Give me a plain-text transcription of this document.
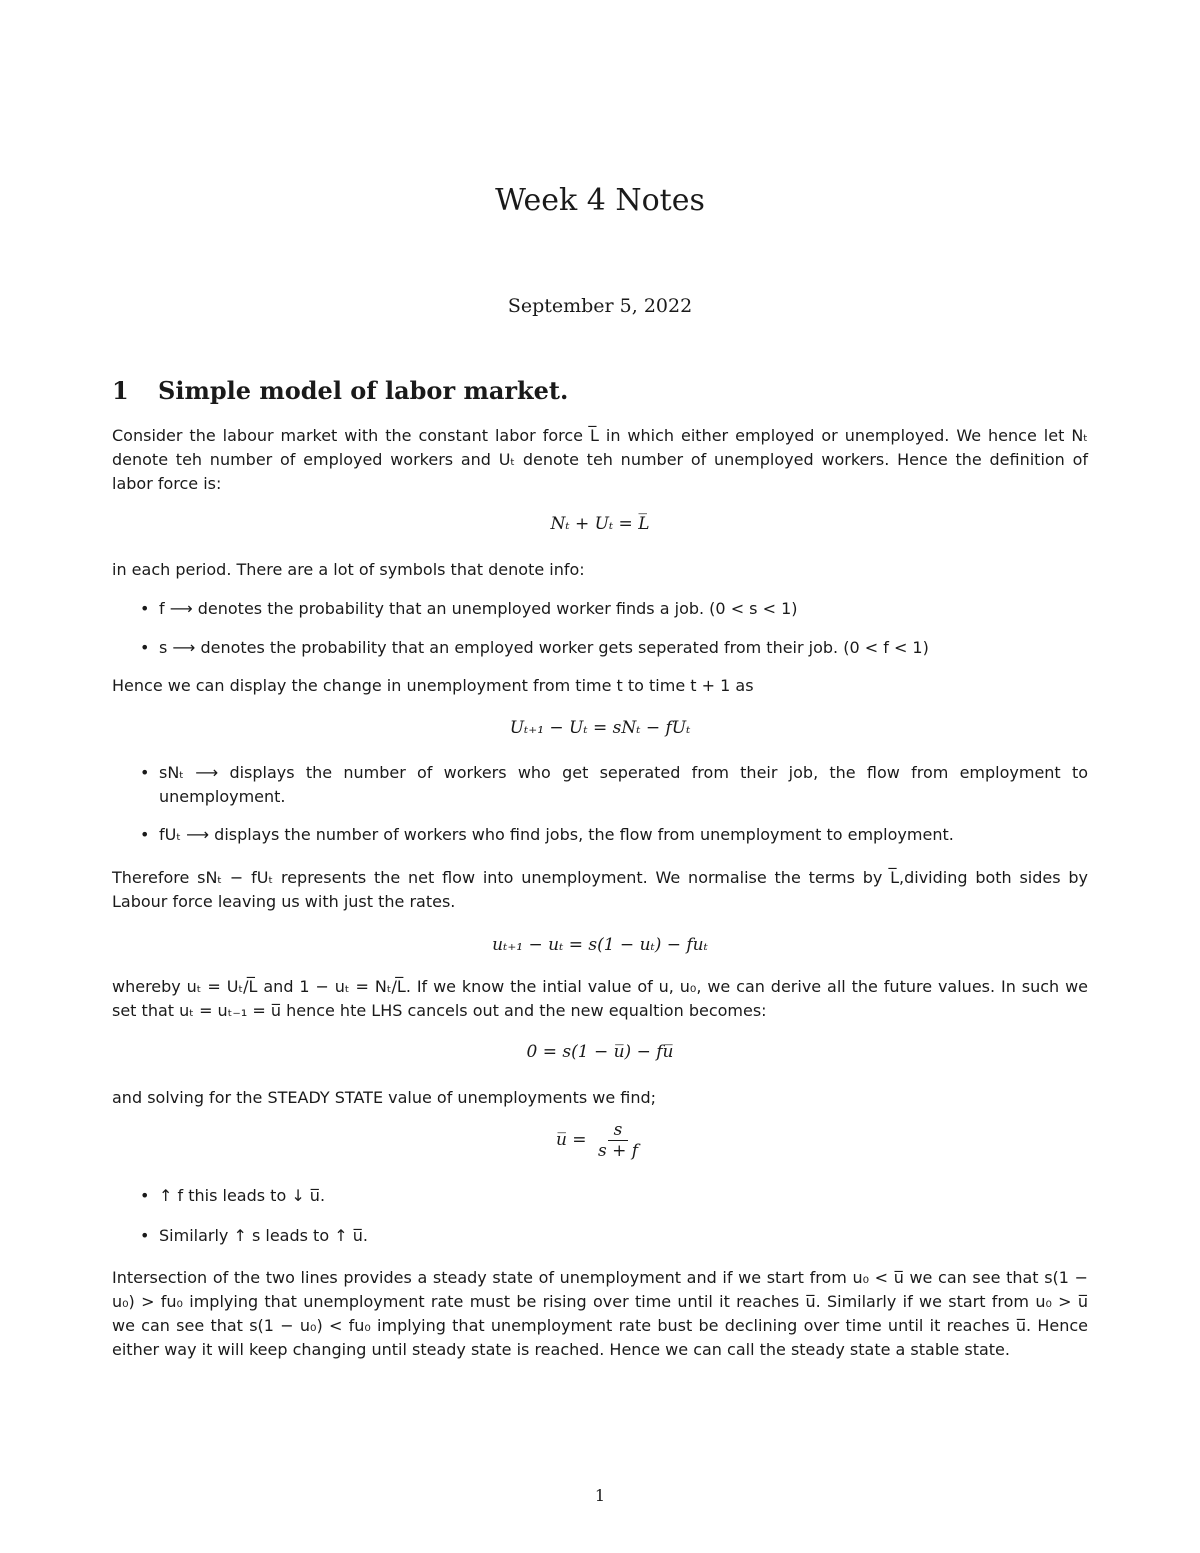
Week 4 Notes
September 5, 2022
1 Simple model of labor market.
Consider the labour market with the constant labor force L̅ in which either employed or unemployed. We hence let Nₜ denote teh number of employed workers and Uₜ denote teh number of unemployed workers. Hence the definition of labor force is:
Nₜ + Uₜ = L̅
in each period. There are a lot of symbols that denote info:
• f ⟶ denotes the probability that an unemployed worker finds a job. (0 < s < 1)
• s ⟶ denotes the probability that an employed worker gets seperated from their job. (0 < f < 1)
Hence we can display the change in unemployment from time t to time t + 1 as
Uₜ₊₁ − Uₜ = sNₜ − fUₜ
• sNₜ ⟶ displays the number of workers who get seperated from their job, the flow from employment to unemployment.
• fUₜ ⟶ displays the number of workers who find jobs, the flow from unemployment to employment.
Therefore sNₜ − fUₜ represents the net flow into unemployment. We normalise the terms by L̅,dividing both sides by Labour force leaving us with just the rates.
uₜ₊₁ − uₜ = s(1 − uₜ) − fuₜ
whereby uₜ = Uₜ/L̅ and 1 − uₜ = Nₜ/L̅. If we know the intial value of u, u₀, we can derive all the future values. In such we set that uₜ = uₜ₋₁ = u̅ hence hte LHS cancels out and the new equaltion becomes:
0 = s(1 − u̅) − fu̅
and solving for the STEADY STATE value of unemployments we find;
u̅ = $\frac{s}{s + f}$
• ↑ f this leads to ↓ u̅.
• Similarly ↑ s leads to ↑ u̅.
Intersection of the two lines provides a steady state of unemployment and if we start from u₀ < u̅ we can see that s(1 − u₀) > fu₀ implying that unemployment rate must be rising over time until it reaches u̅. Similarly if we start from u₀ > u̅ we can see that s(1 − u₀) < fu₀ implying that unemployment rate bust be declining over time until it reaches u̅. Hence either way it will keep changing until steady state is reached. Hence we can call the steady state a stable state.
1
